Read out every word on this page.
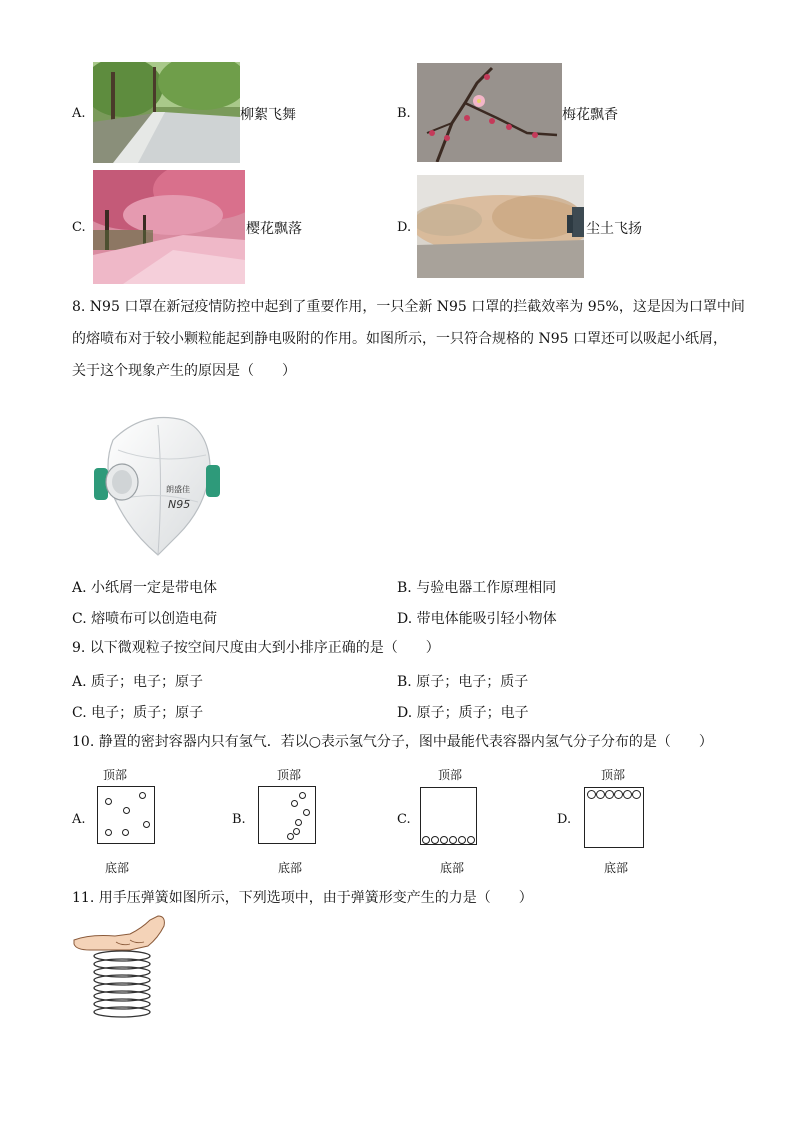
A.	柳絮飞舞	B.	梅花飘香
C.	樱花飘落	D.	尘土飞扬
8. N95 口罩在新冠疫情防控中起到了重要作用，一只全新 N95 口罩的拦截效率为 95%，这是因为口罩中间
的熔喷布对于较小颗粒能起到静电吸附的作用。如图所示，一只符合规格的 N95 口罩还可以吸起小纸屑，
关于这个现象产生的原因是（　　）
朗盛佳
N95
A. 小纸屑一定是带电体	B. 与验电器工作原理相同
C. 熔喷布可以创造电荷	D. 带电体能吸引轻小物体
9. 以下微观粒子按空间尺度由大到小排序正确的是（　　）
A. 质子；电子；原子	B. 原子；电子；质子
C. 电子；质子；原子	D. 原子；质子；电子
10. 静置的密封容器内只有氢气．若以○表示氢气分子，图中最能代表容器内氢气分子分布的是（　　）
顶部
A.
底部
顶部
B.
底部
顶部
C.
底部
顶部
D.
底部
11. 用手压弹簧如图所示，下列选项中，由于弹簧形变产生的力是（　　）
